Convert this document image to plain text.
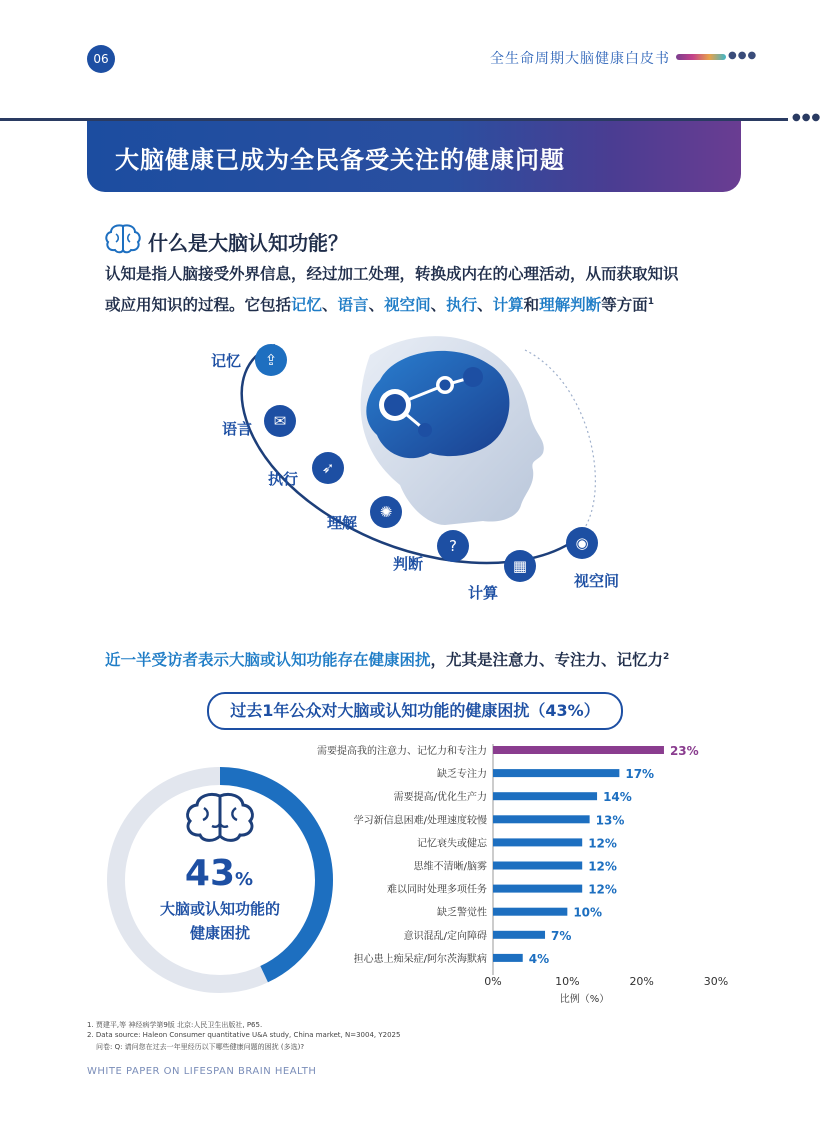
06	全生命周期大脑健康白皮书	●●●
●●●
大脑健康已成为全民备受关注的健康问题
什么是大脑认知功能？
认知是指人脑接受外界信息，经过加工处理，转换成内在的心理活动，从而获取知识
或应用知识的过程。它包括记忆、语言、视空间、执行、计算和理解判断等方面$^1$
⇪
记忆
✉
语言
➶
执行
✺
理解
?
判断	▦
计算
◉
视空间
近一半受访者表示大脑或认知功能存在健康困扰，尤其是注意力、专注力、记忆力$^2$
过去1年公众对大脑或认知功能的健康困扰（43%）
43%
大脑或认知功能的
健康困扰
需要提高我的注意力、记忆力和专注力	23%
缺乏专注力	17%
需要提高/优化生产力	14%
学习新信息困难/处理速度较慢	13%
记忆衰失或健忘	12%
思维不清晰/脑雾	12%
难以同时处理多项任务	12%
缺乏警觉性	10%
意识混乱/定向障碍	7%
担心患上痴呆症/阿尔茨海默病	4%
0%	10%	20%	30%
比例（%）
1. 贾建平,等 神经病学第9版 北京:人民卫生出版社, P65.
2. Data source: Haleon Consumer quantitative U&A study, China market, N=3004, Y2025
问卷: Q: 请问您在过去一年里经历以下哪些健康问题的困扰 (多选)?
WHITE PAPER ON LIFESPAN BRAIN HEALTH
